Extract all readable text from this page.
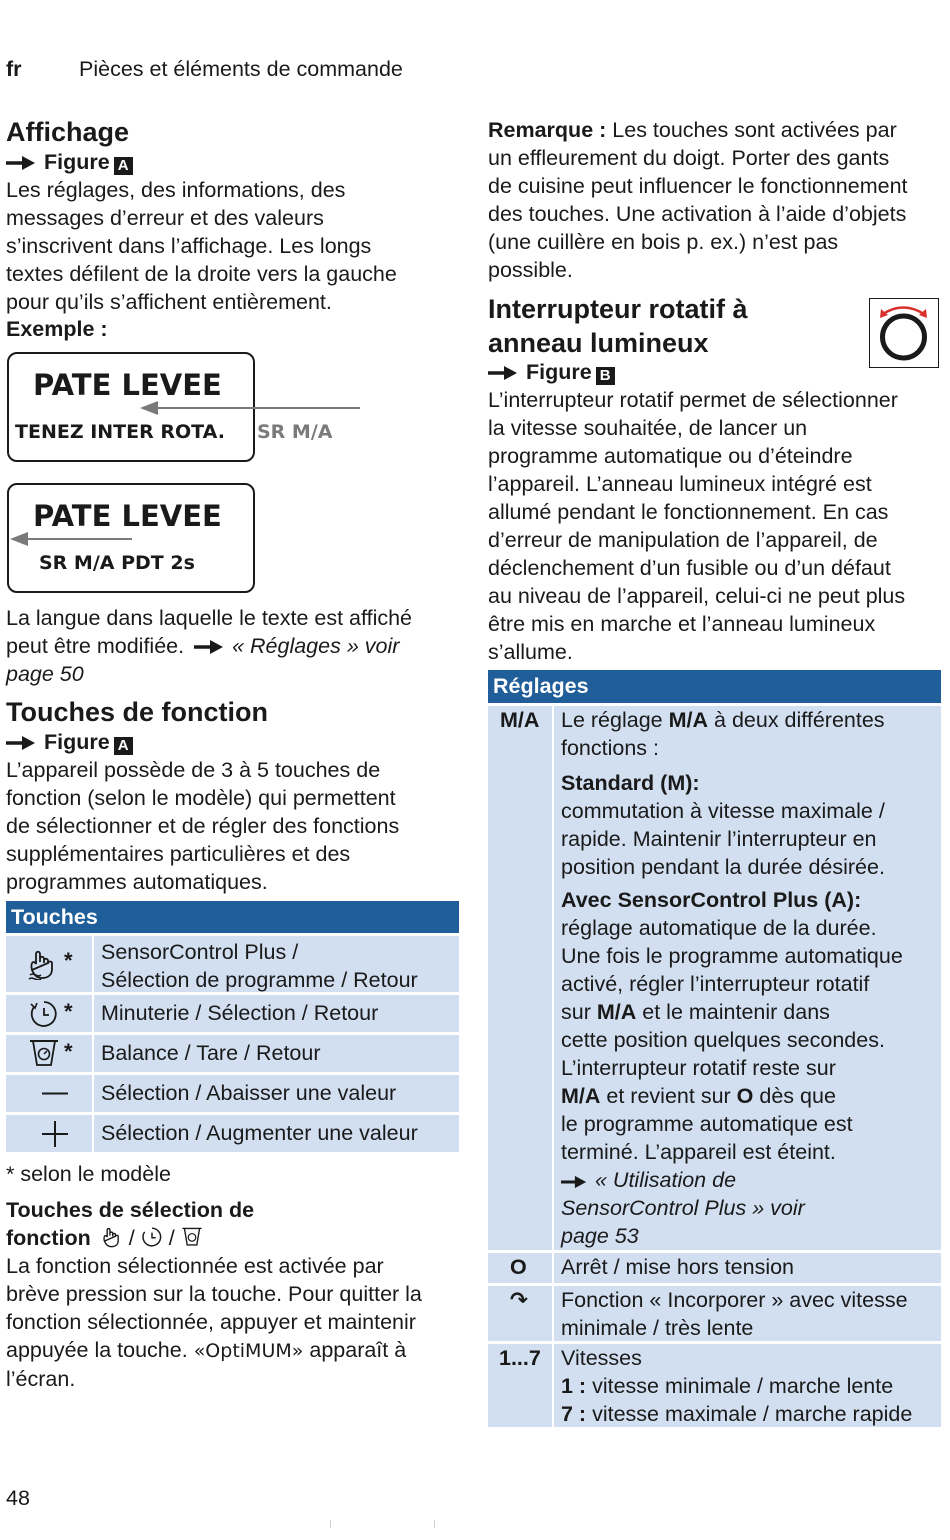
fr	Pièces et éléments de commande
Affichage
Figure A
Les réglages, des informations, des
messages d’erreur et des valeurs
s’inscrivent dans l’affichage. Les longs
textes défilent de la droite vers la gauche
pour qu’ils s’affichent entièrement.
Exemple :
PATE LEVEE
TENEZ INTER ROTA. SR M/A
PATE LEVEE
SR M/A PDT 2s
La langue dans laquelle le texte est affiché
peut être modifiée. « Réglages » voir
page 50
Touches de fonction
Figure A
L’appareil possède de 3 à 5 touches de
fonction (selon le modèle) qui permettent
de sélectionner et de régler des fonctions
supplémentaires particulières et des
programmes automatiques.
Touches
* SensorControl Plus /
Sélection de programme / Retour
* Minuterie / Sélection / Retour
* Balance / Tare / Retour
Sélection / Abaisser une valeur
Sélection / Augmenter une valeur
* selon le modèle
Touches de sélection de
fonction / /
La fonction sélectionnée est activée par
brève pression sur la touche. Pour quitter la
fonction sélectionnée, appuyer et maintenir
appuyée la touche. «OptiMUM» apparaît à
l’écran.
Remarque : Les touches sont activées par
un effleurement du doigt. Porter des gants
de cuisine peut influencer le fonctionnement
des touches. Une activation à l’aide d’objets
(une cuillère en bois p. ex.) n’est pas
possible.
Interrupteur rotatif à
anneau lumineux
Figure B
L’interrupteur rotatif permet de sélectionner
la vitesse souhaitée, de lancer un
programme automatique ou d’éteindre
l’appareil. L’anneau lumineux intégré est
allumé pendant le fonctionnement. En cas
d’erreur de manipulation de l’appareil, de
déclenchement d’un fusible ou d’un défaut
au niveau de l’appareil, celui-ci ne peut plus
être mis en marche et l’anneau lumineux
s’allume.
Réglages
M/A Le réglage M/A à deux différentes
fonctions :
Standard (M):
commutation à vitesse maximale /
rapide. Maintenir l’interrupteur en
position pendant la durée désirée.
Avec SensorControl Plus (A):
réglage automatique de la durée.
Une fois le programme automatique
activé, régler l’interrupteur rotatif
sur M/A et le maintenir dans
cette position quelques secondes.
L’interrupteur rotatif reste sur
M/A et revient sur O dès que
le programme automatique est
terminé. L’appareil est éteint.
« Utilisation de
SensorControl Plus » voir
page 53
O Arrêt / mise hors tension
↷ Fonction « Incorporer » avec vitesse
minimale / très lente
1...7 Vitesses
1 : vitesse minimale / marche lente
7 : vitesse maximale / marche rapide
48
